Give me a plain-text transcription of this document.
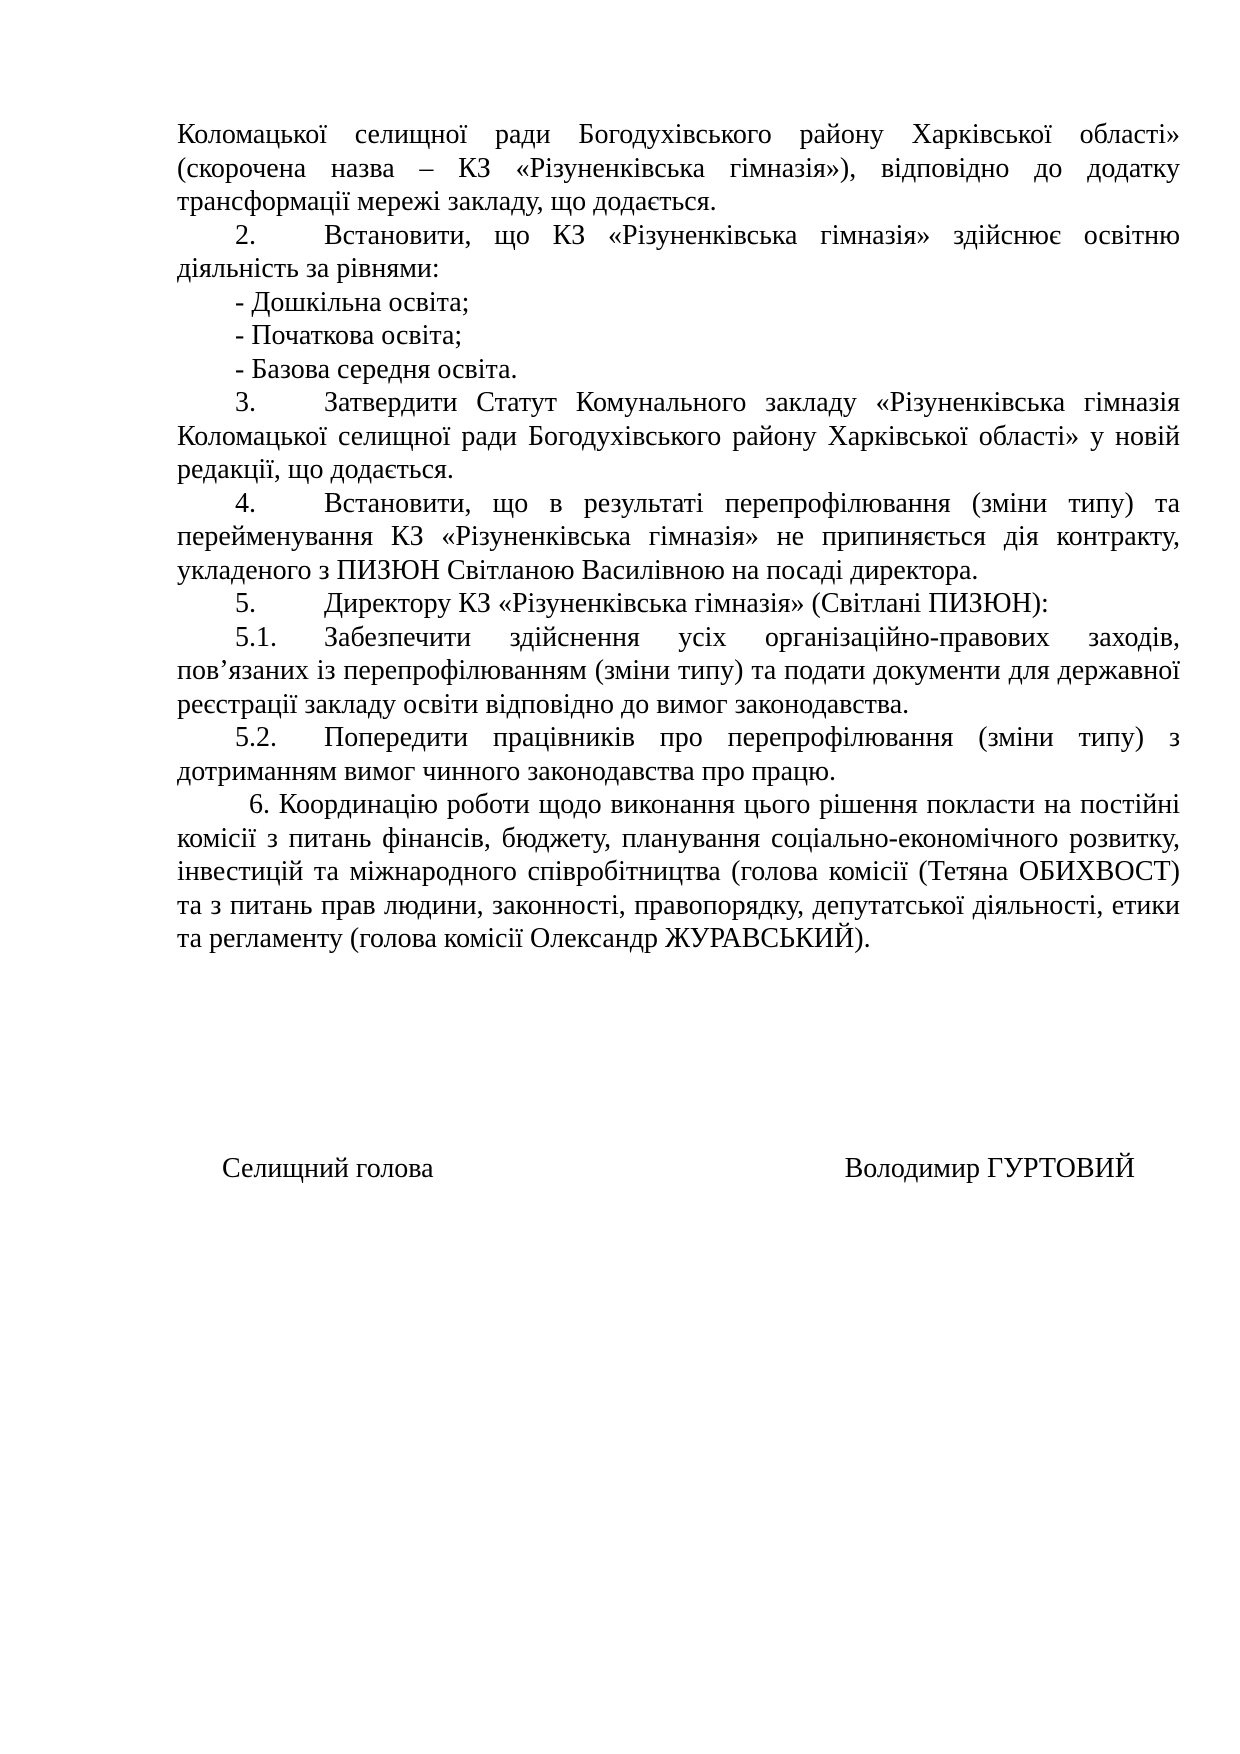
Коломацької селищної ради Богодухівського району Харківської області» (скорочена назва – КЗ «Різуненківська гімназія»), відповідно до додатку трансформації мережі закладу, що додається.

2. Встановити, що КЗ «Різуненківська гімназія» здійснює освітню діяльність за рівнями:

- Дошкільна освіта;

- Початкова освіта;

- Базова середня освіта.

3. Затвердити Статут Комунального закладу «Різуненківська гімназія Коломацької селищної ради Богодухівського району Харківської області» у новій редакції, що додається.

4. Встановити, що в результаті перепрофілювання (зміни типу) та перейменування КЗ «Різуненківська гімназія» не припиняється дія контракту, укладеного з ПИЗЮН Світланою Василівною на посаді директора.

5. Директору КЗ «Різуненківська гімназія» (Світлані ПИЗЮН):

5.1. Забезпечити здійснення усіх організаційно-правових заходів, пов’язаних із перепрофілюванням (зміни типу) та подати документи для державної реєстрації закладу освіти відповідно до вимог законодавства.

5.2. Попередити працівників про перепрофілювання (зміни типу) з дотриманням вимог чинного законодавства про працю.

6. Координацію роботи щодо виконання цього рішення покласти на постійні комісії з питань фінансів, бюджету, планування соціально-економічного розвитку, інвестицій та міжнародного співробітництва (голова комісії (Тетяна ОБИХВОСТ) та з питань прав людини, законності, правопорядку, депутатської діяльності, етики та регламенту (голова комісії Олександр ЖУРАВСЬКИЙ).

Селищний голова	Володимир ГУРТОВИЙ
